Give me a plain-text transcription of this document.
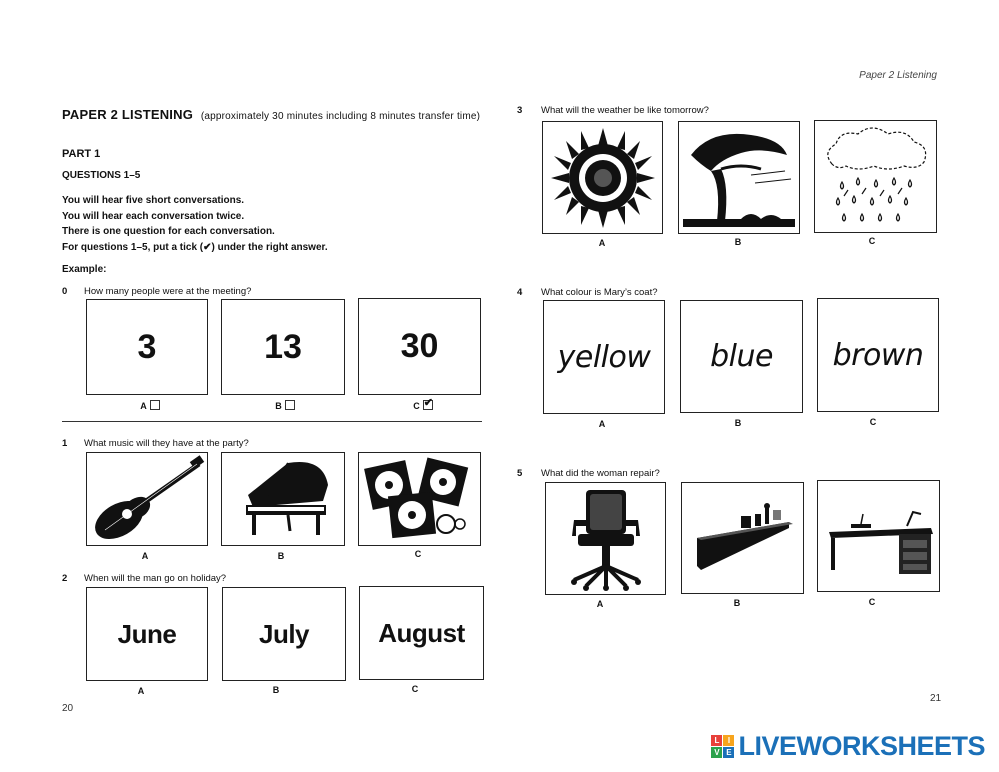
Paper 2 Listening
PAPER 2 LISTENING (approximately 30 minutes including 8 minutes transfer time)
PART 1
QUESTIONS 1–5
You will hear five short conversations.
You will hear each conversation twice.
There is one question for each conversation.
For questions 1–5, put a tick (✔) under the right answer.
Example:
0 How many people were at the meeting?
3	13	30
A	B	C ✔
1 What music will they have at the party?
A	B	C
2 When will the man go on holiday?
June	July	August
A	B	C
20
3 What will the weather be like tomorrow?
A	B	C
4 What colour is Mary’s coat?
yellow blue brown
A	B	C
5 What did the woman repair?
A	B	C
21
L	I
V E LIVEWORKSHEETS
